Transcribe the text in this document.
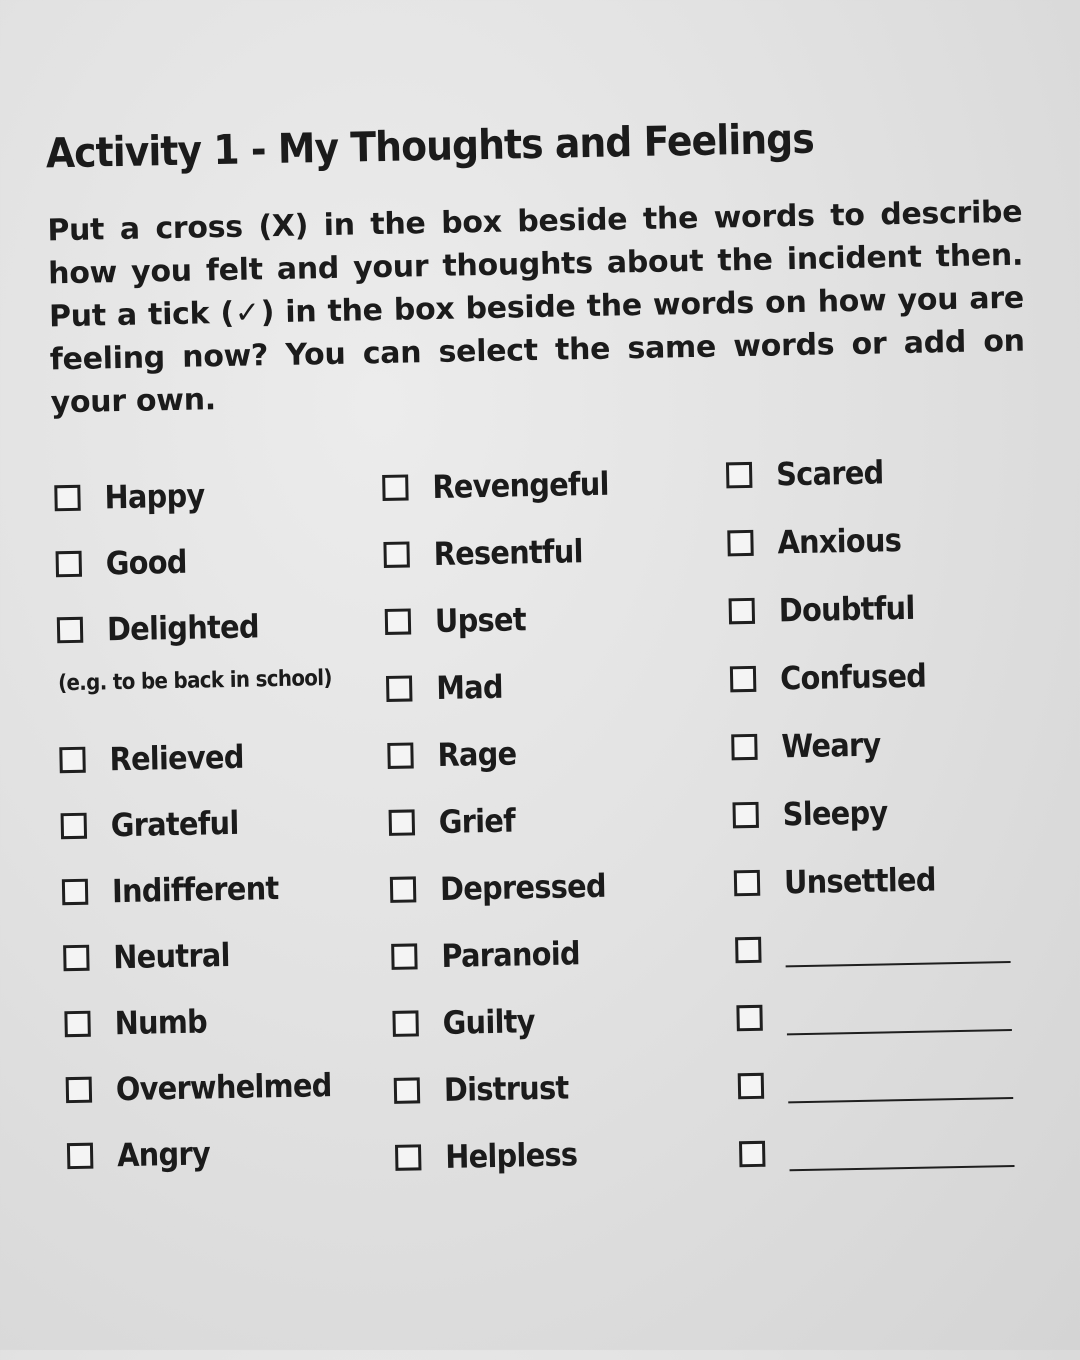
Activity 1 - My Thoughts and Feelings

Put a cross (X) in the box beside the words to describe how you felt and your thoughts about the incident then. Put a tick (✓) in the box beside the words on how you are feeling now? You can select the same words or add on your own.

Happy
Good
Delighted
(e.g. to be back in school)
Relieved
Grateful
Indifferent
Neutral
Numb
Overwhelmed
Angry
Revengeful
Resentful
Upset
Mad
Rage
Grief
Depressed
Paranoid
Guilty
Distrust
Helpless
Scared
Anxious
Doubtful
Confused
Weary
Sleepy
Unsettled
